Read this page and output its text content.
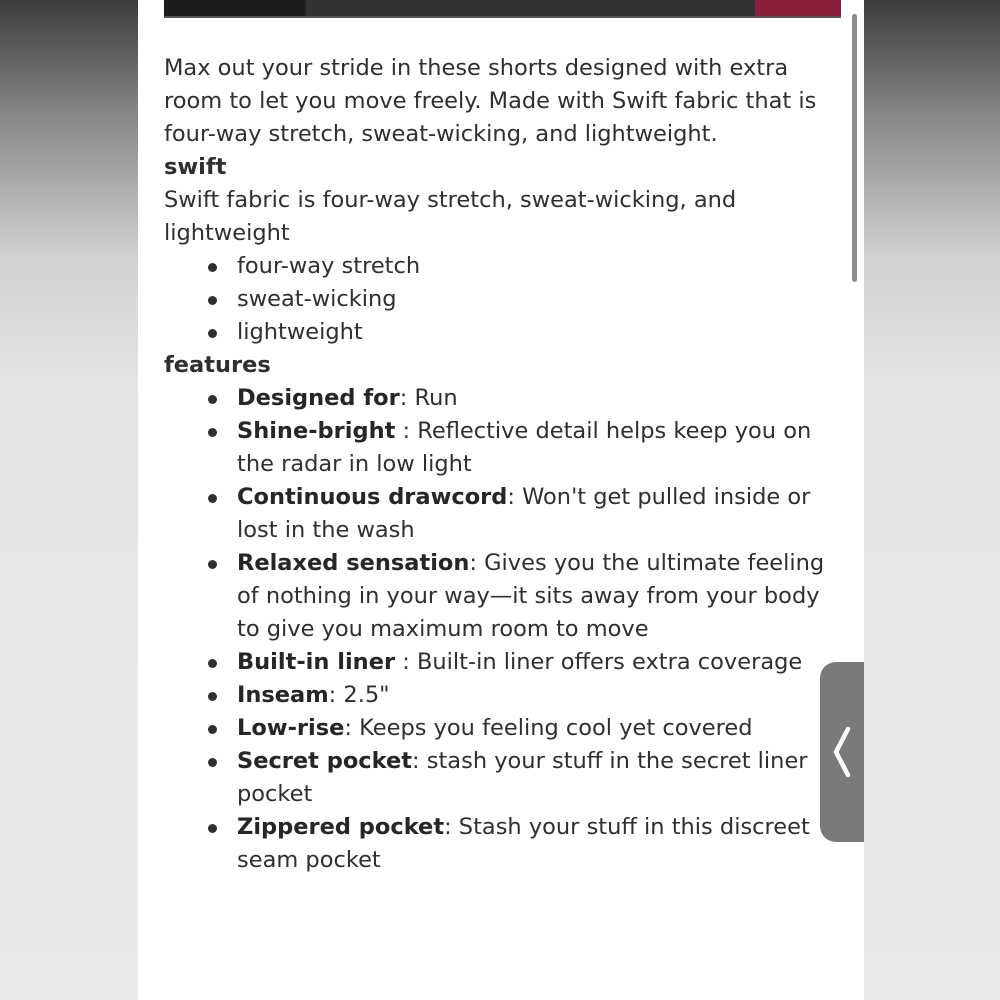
Max out your stride in these shorts designed with extra room to let you move freely. Made with Swift fabric that is four-way stretch, sweat-wicking, and lightweight.

swift

Swift fabric is four-way stretch, sweat-wicking, and lightweight

four-way stretch
sweat-wicking
lightweight

features

Designed for: Run
Shine-bright : Reflective detail helps keep you on the radar in low light
Continuous drawcord: Won't get pulled inside or lost in the wash
Relaxed sensation: Gives you the ultimate feeling of nothing in your way—it sits away from your body to give you maximum room to move
Built-in liner : Built-in liner offers extra coverage
Inseam: 2.5"
Low-rise: Keeps you feeling cool yet covered
Secret pocket: stash your stuff in the secret liner pocket
Zippered pocket: Stash your stuff in this discreet seam pocket
